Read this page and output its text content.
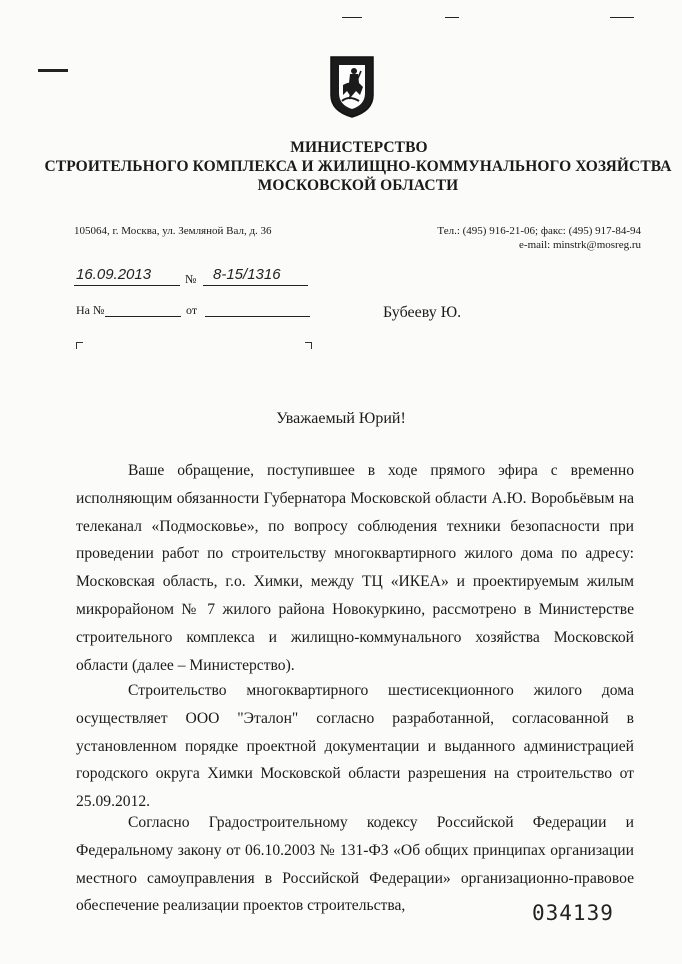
МИНИСТЕРСТВО
СТРОИТЕЛЬНОГО КОМПЛЕКСА И ЖИЛИЩНО-КОММУНАЛЬНОГО ХОЗЯЙСТВА
МОСКОВСКОЙ ОБЛАСТИ
105064, г. Москва, ул. Земляной Вал, д. 36	Тел.: (495) 916-21-06; факс: (495) 917-84-94
e-mail: minstrk@mosreg.ru
16.09.2013	№ 8-15/1316
На №	от	Бубееву Ю.
Уважаемый Юрий!
Ваше обращение, поступившее в ходе прямого эфира с временно исполняющим обязанности Губернатора Московской области А.Ю. Воробьёвым на телеканал «Подмосковье», по вопросу соблюдения техники безопасности при проведении работ по строительству многоквартирного жилого дома по адресу: Московская область, г.о. Химки, между ТЦ «ИКЕА» и проектируемым жилым микрорайоном № 7 жилого района Новокуркино, рассмотрено в Министерстве строительного комплекса и жилищно-коммунального хозяйства Московской области (далее – Министерство).
Строительство многоквартирного шестисекционного жилого дома осуществляет ООО "Эталон" согласно разработанной, согласованной в установленном порядке проектной документации и выданного администрацией городского округа Химки Московской области разрешения на строительство от 25.09.2012.
Согласно Градостроительному кодексу Российской Федерации и Федеральному закону от 06.10.2003 № 131-ФЗ «Об общих принципах организации местного самоуправления в Российской Федерации» организационно-правовое обеспечение реализации проектов строительства,	034139
